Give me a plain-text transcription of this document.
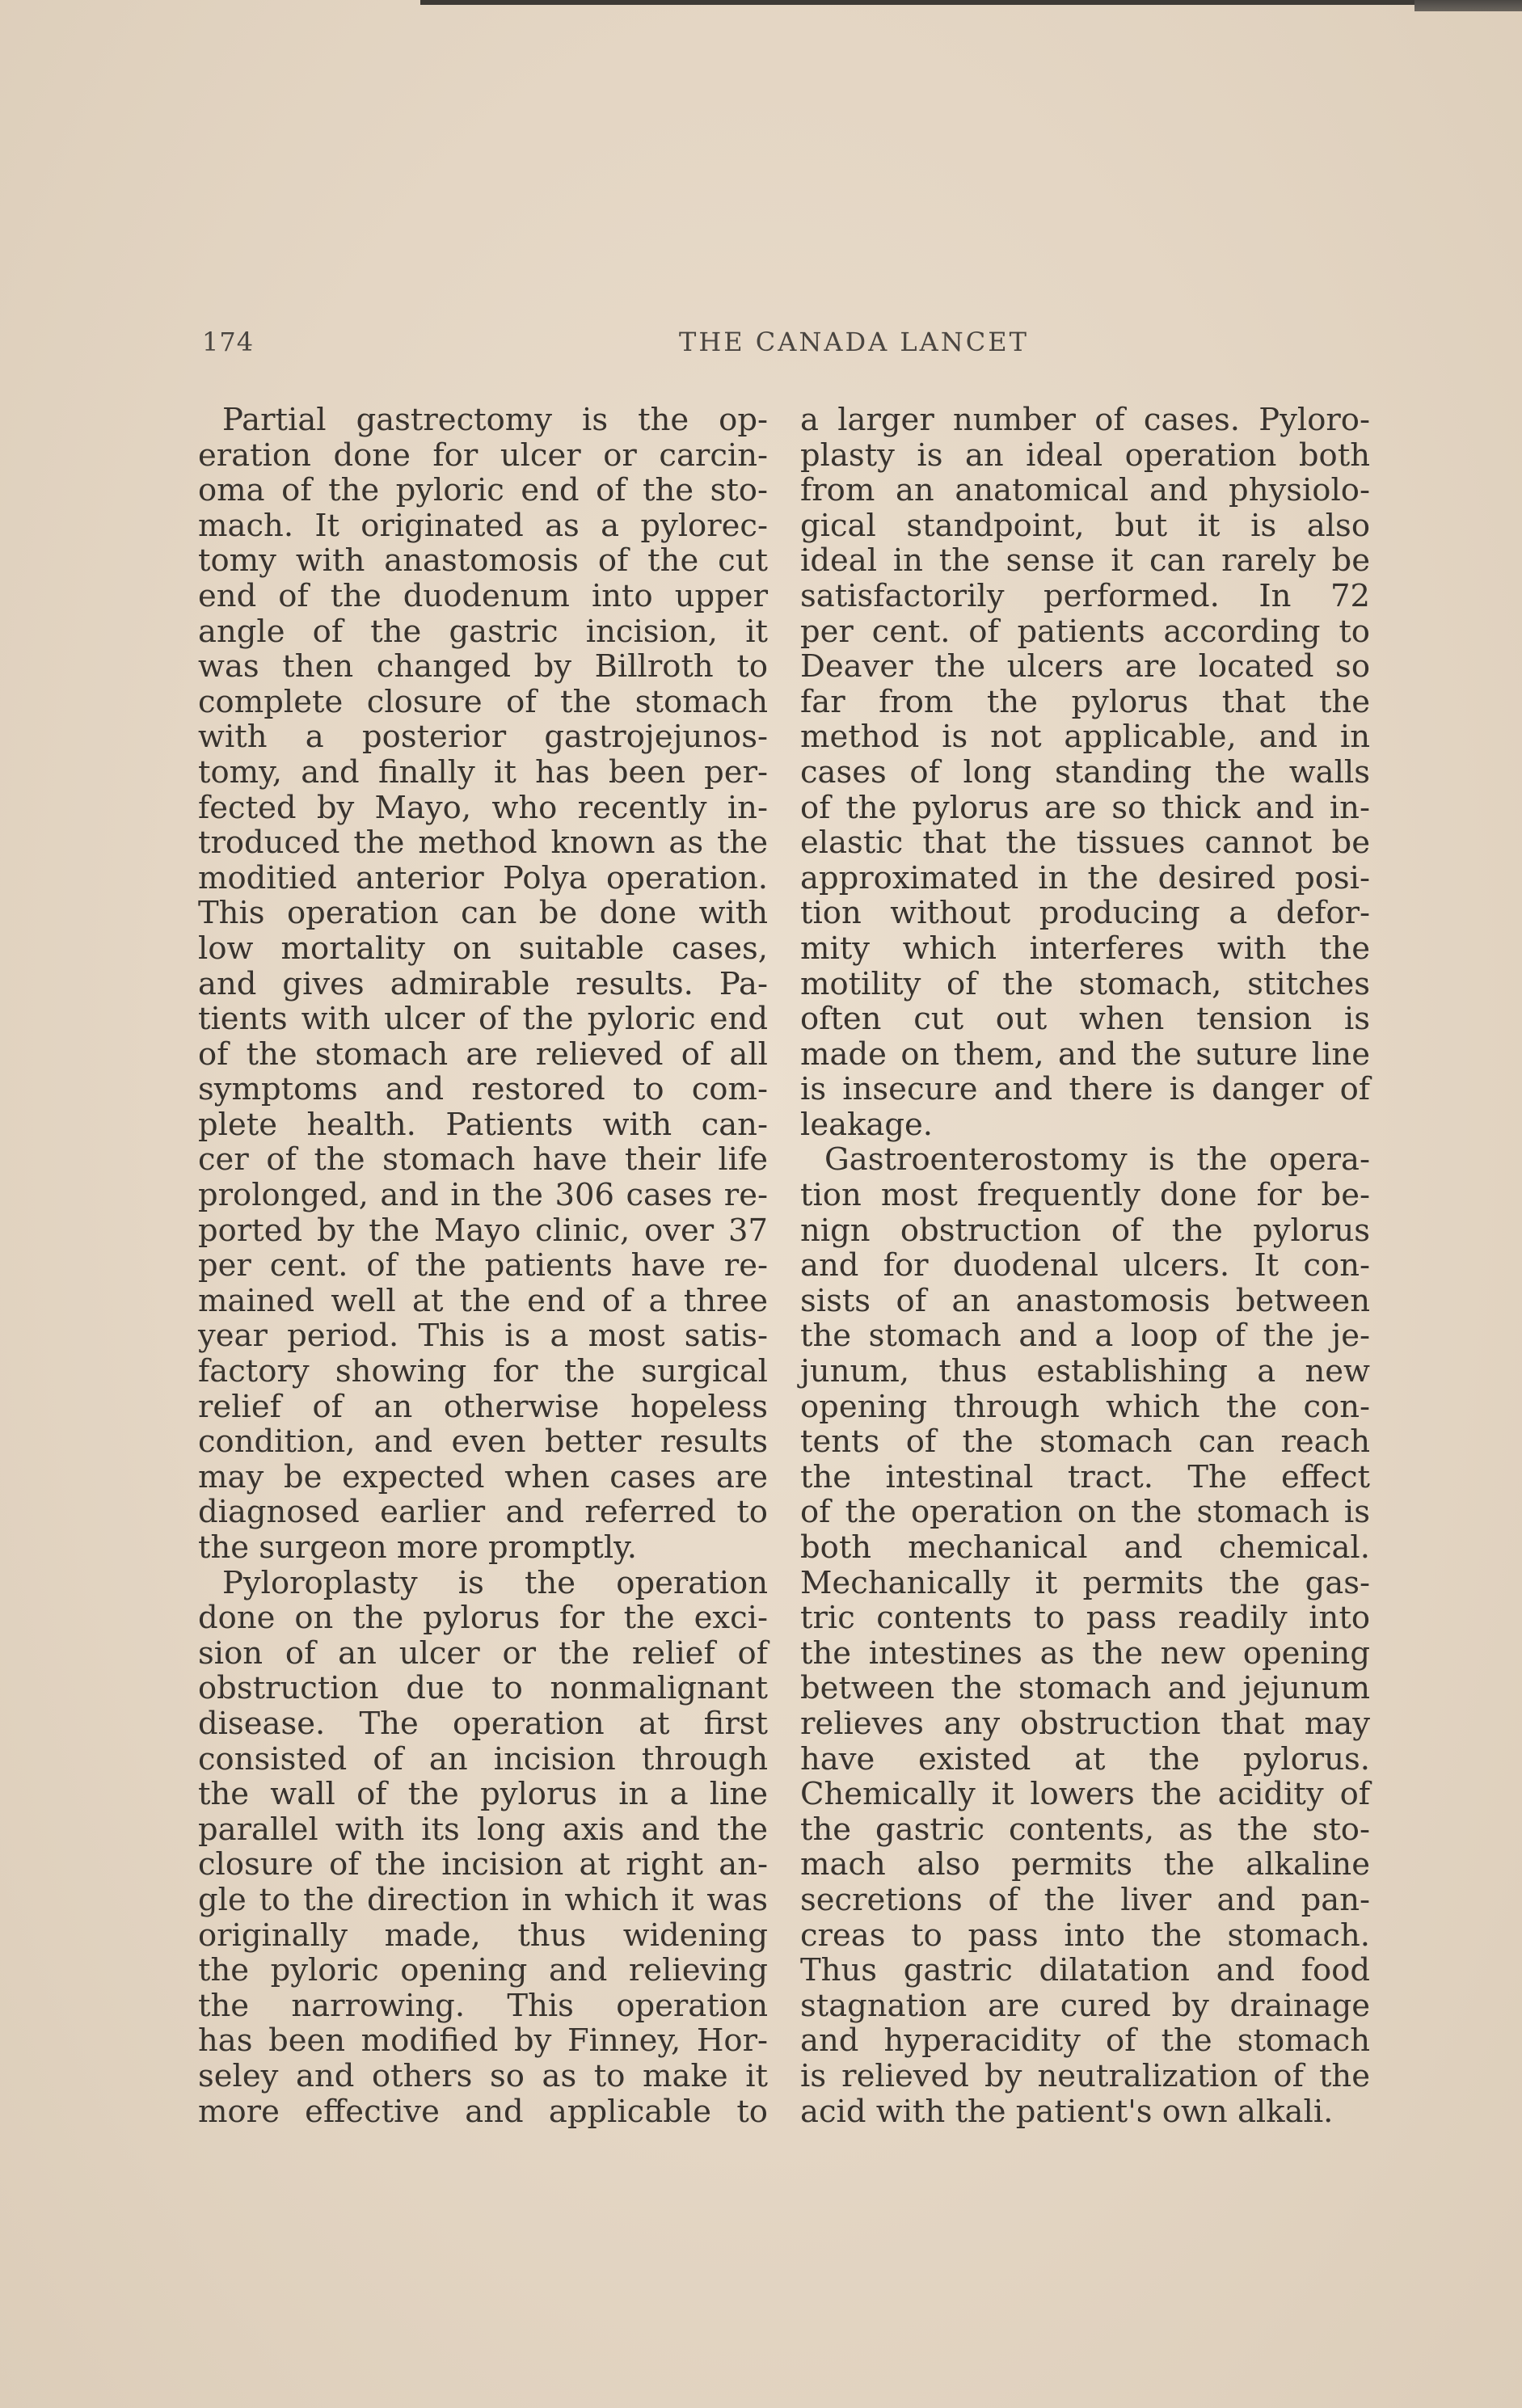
174	THE CANADA LANCET
Partial gastrectomy is the op-
eration done for ulcer or carcin-
oma of the pyloric end of the sto-
mach. It originated as a pylorec-
tomy with anastomosis of the cut
end of the duodenum into upper
angle of the gastric incision, it
was then changed by Billroth to
complete closure of the stomach
with a posterior gastrojejunos-
tomy, and finally it has been per-
fected by Mayo, who recently in-
troduced the method known as the
moditied anterior Polya operation.
This operation can be done with
low mortality on suitable cases,
and gives admirable results. Pa-
tients with ulcer of the pyloric end
of the stomach are relieved of all
symptoms and restored to com-
plete health. Patients with can-
cer of the stomach have their life
prolonged, and in the 306 cases re-
ported by the Mayo clinic, over 37
per cent. of the patients have re-
mained well at the end of a three
year period. This is a most satis-
factory showing for the surgical
relief of an otherwise hopeless
condition, and even better results
may be expected when cases are
diagnosed earlier and referred to
the surgeon more promptly.
Pyloroplasty is the operation
done on the pylorus for the exci-
sion of an ulcer or the relief of
obstruction due to nonmalignant
disease. The operation at first
consisted of an incision through
the wall of the pylorus in a line
parallel with its long axis and the
closure of the incision at right an-
gle to the direction in which it was
originally made, thus widening
the pyloric opening and relieving
the narrowing. This operation
has been modified by Finney, Hor-
seley and others so as to make it
more effective and applicable to
a larger number of cases. Pyloro-
plasty is an ideal operation both
from an anatomical and physiolo-
gical standpoint, but it is also
ideal in the sense it can rarely be
satisfactorily performed. In 72
per cent. of patients according to
Deaver the ulcers are located so
far from the pylorus that the
method is not applicable, and in
cases of long standing the walls
of the pylorus are so thick and in-
elastic that the tissues cannot be
approximated in the desired posi-
tion without producing a defor-
mity which interferes with the
motility of the stomach, stitches
often cut out when tension is
made on them, and the suture line
is insecure and there is danger of
leakage.
Gastroenterostomy is the opera-
tion most frequently done for be-
nign obstruction of the pylorus
and for duodenal ulcers. It con-
sists of an anastomosis between
the stomach and a loop of the je-
junum, thus establishing a new
opening through which the con-
tents of the stomach can reach
the intestinal tract. The effect
of the operation on the stomach is
both mechanical and chemical.
Mechanically it permits the gas-
tric contents to pass readily into
the intestines as the new opening
between the stomach and jejunum
relieves any obstruction that may
have existed at the pylorus.
Chemically it lowers the acidity of
the gastric contents, as the sto-
mach also permits the alkaline
secretions of the liver and pan-
creas to pass into the stomach.
Thus gastric dilatation and food
stagnation are cured by drainage
and hyperacidity of the stomach
is relieved by neutralization of the
acid with the patient's own alkali.
